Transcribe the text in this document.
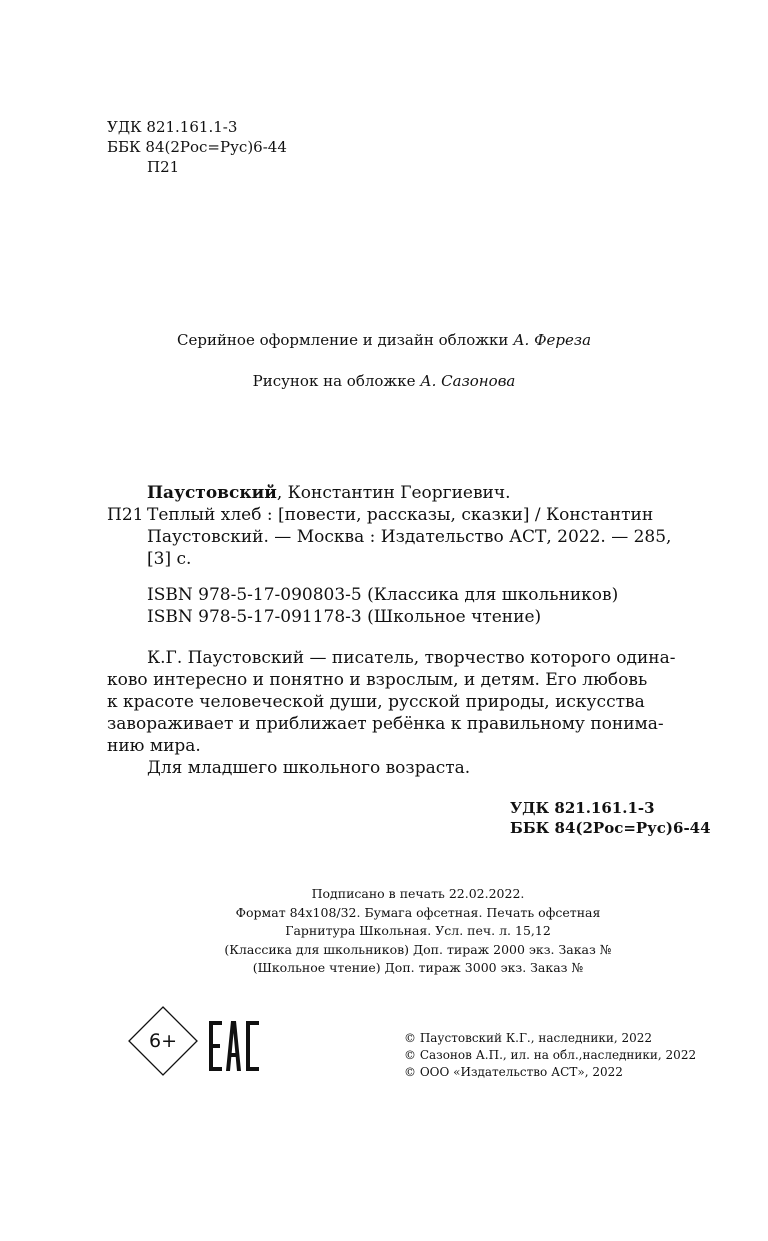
УДК 821.161.1-3
ББК 84(2Рос=Рус)6-44
П21
Серийное оформление и дизайн обложки А. Фереза
Рисунок на обложке А. Сазонова
Паустовский, Константин Георгиевич.
П21 Теплый хлеб : [повести, рассказы, сказки] / Константин
Паустовский. — Москва : Издательство АСТ, 2022. — 285,
[3] с.
ISBN 978-5-17-090803-5 (Классика для школьников)
ISBN 978-5-17-091178-3 (Школьное чтение)
К.Г. Паустовский — писатель, творчество которого одина-
ково интересно и понятно и взрослым, и детям. Его любовь
к красоте человеческой души, русской природы, искусства
завораживает и приближает ребёнка к правильному понима-
нию мира.
Для младшего школьного возраста.
УДК 821.161.1-3
ББК 84(2Рос=Рус)6-44
Подписано в печать 22.02.2022.
Формат 84х108/32. Бумага офсетная. Печать офсетная
Гарнитура Школьная. Усл. печ. л. 15,12
(Классика для школьников) Доп. тираж 2000 экз. Заказ №
(Школьное чтение) Доп. тираж 3000 экз. Заказ №
6+	© Паустовский К.Г., наследники, 2022
© Сазонов А.П., ил. на обл.,наследники, 2022
© ООО «Издательство АСТ», 2022
